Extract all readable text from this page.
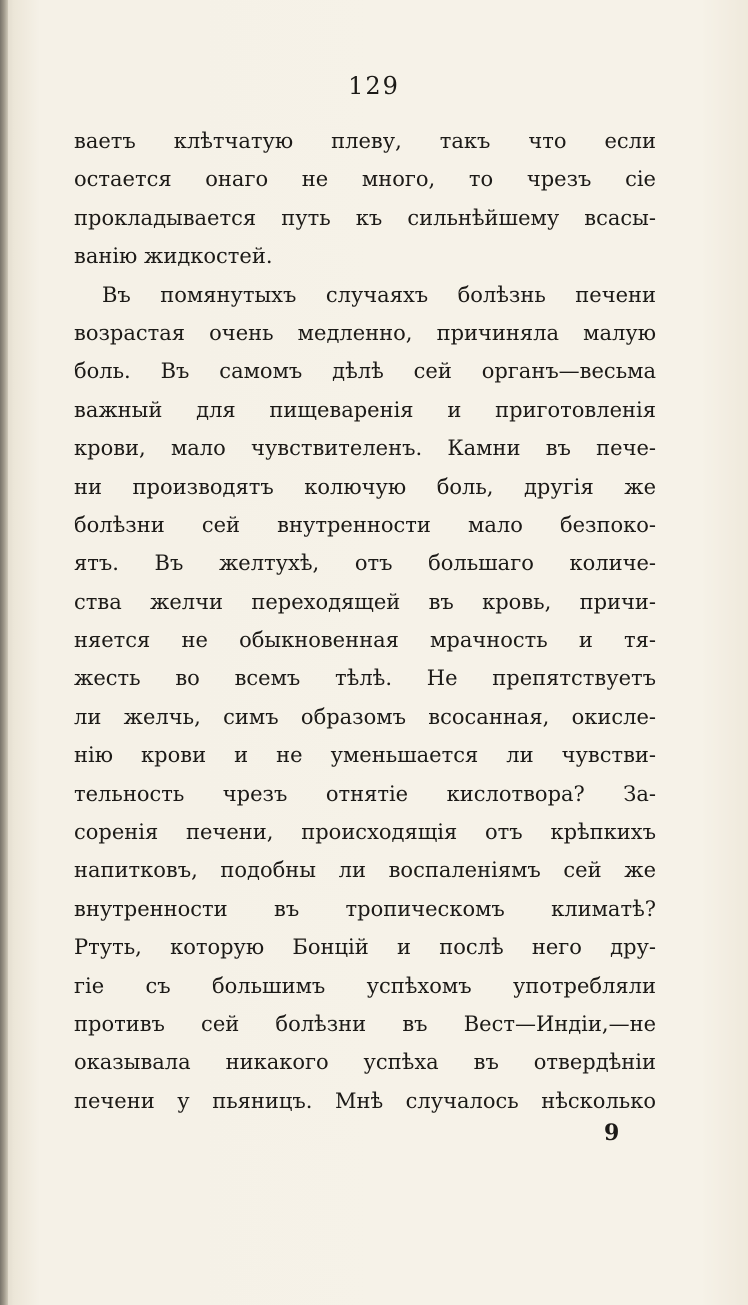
129
ваетъ клѣтчатую плеву, такъ что если
остается онаго не много, то чрезъ сіе
прокладывается путь къ сильнѣйшему всасы-
ванію жидкостей.
Въ помянутыхъ случаяхъ болѣзнь печени
возрастая очень медленно, причиняла малую
боль. Въ самомъ дѣлѣ сей органъ—весьма
важный для пищеваренія и приготовленія
крови, мало чувствителенъ. Камни въ пече-
ни производятъ колючую боль, другія же
болѣзни сей внутренности мало безпоко-
ятъ. Въ желтухѣ, отъ большаго количе-
ства желчи переходящей въ кровь, причи-
няется не обыкновенная мрачность и тя-
жесть во всемъ тѣлѣ. Не препятствуетъ
ли желчь, симъ образомъ всосанная, окисле-
нію крови и не уменьшается ли чувстви-
тельность чрезъ отнятіе кислотвора? За-
соренія печени, происходящія отъ крѣпкихъ
напитковъ, подобны ли воспаленіямъ сей же
внутренности въ тропическомъ климатѣ?
Ртуть, которую Бонцій и послѣ него дру-
гіе съ большимъ успѣхомъ употребляли
противъ сей болѣзни въ Вест—Индіи,—не
оказывала никакого успѣха въ отвердѣніи
печени у пьяницъ. Мнѣ случалось нѣсколько
9
